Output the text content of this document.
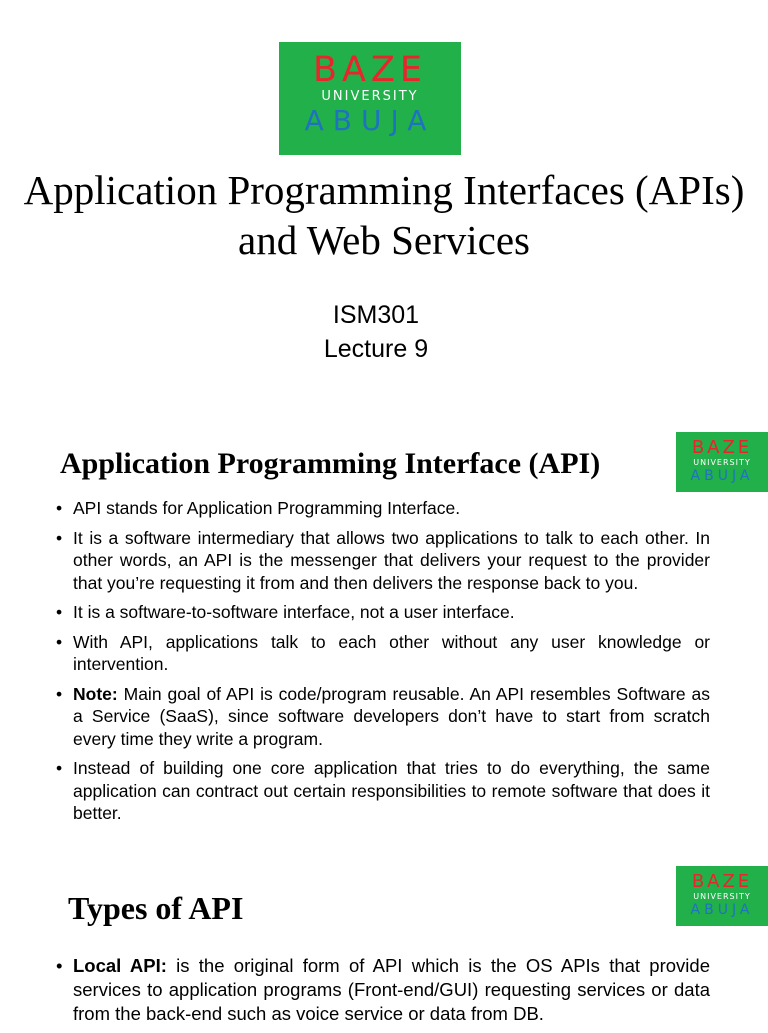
BAZE
UNIVERSITY
ABUJA
Application Programming Interfaces (APIs) and Web Services
ISM301
Lecture 9
Application Programming Interface (API)	BAZE
UNIVERSITY
ABUJA
• API stands for Application Programming Interface.
• It is a software intermediary that allows two applications to talk to each other. In other words, an API is the messenger that delivers your request to the provider that you’re requesting it from and then delivers the response back to you.
• It is a software-to-software interface, not a user interface.
• With API, applications talk to each other without any user knowledge or intervention.
• Note: Main goal of API is code/program reusable. An API resembles Software as a Service (SaaS), since software developers don’t have to start from scratch every time they write a program.
• Instead of building one core application that tries to do everything, the same application can contract out certain responsibilities to remote software that does it better.
Types of API
BAZE
UNIVERSITY
ABUJA
• Local API: is the original form of API which is the OS APIs that provide services to application programs (Front-end/GUI) requesting services or data from the back-end such as voice service or data from DB.
